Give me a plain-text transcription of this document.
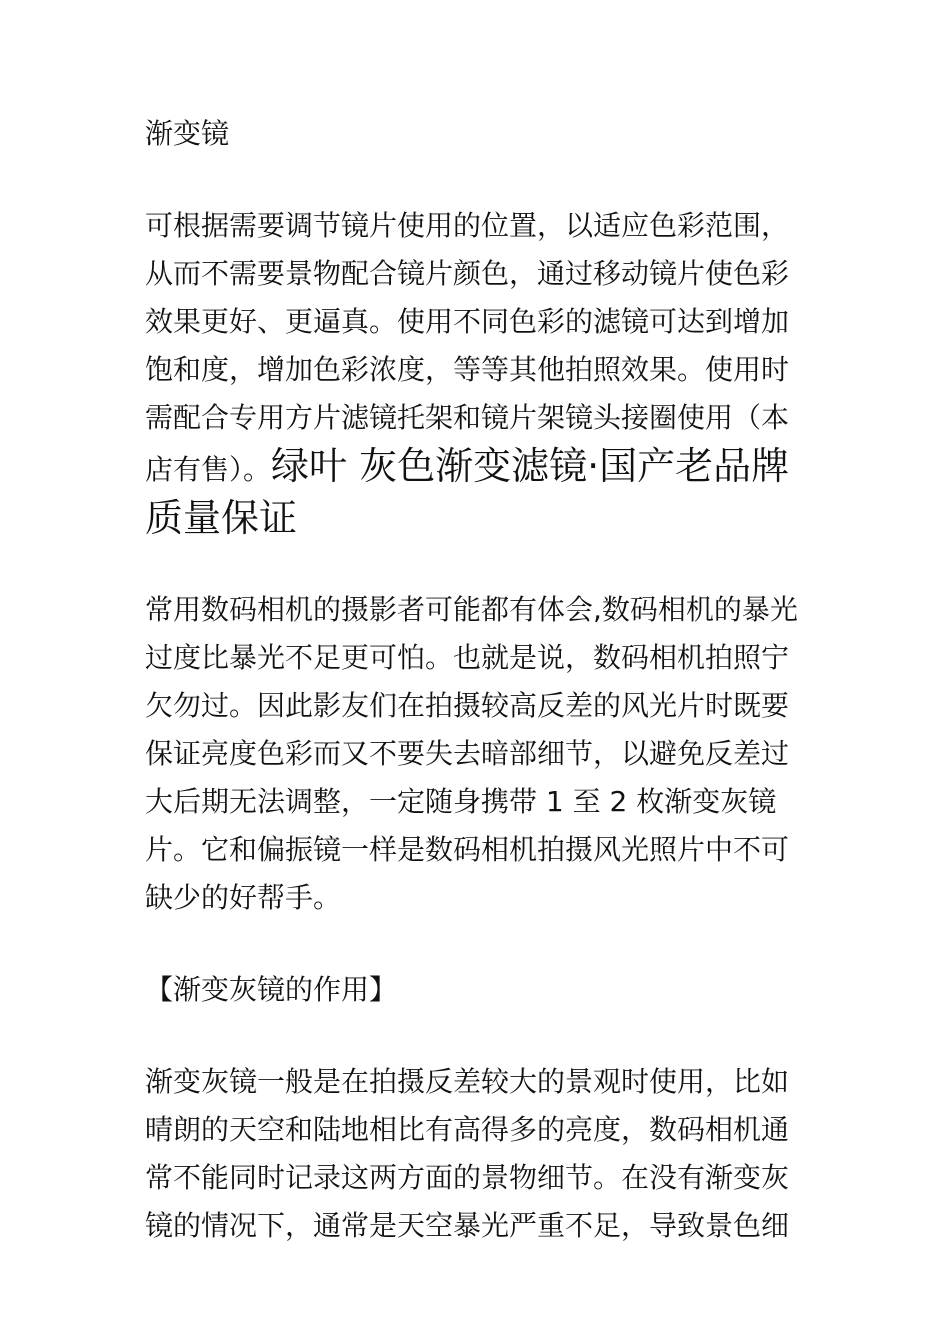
渐变镜

可根据需要调节镜片使用的位置，以适应色彩范围，从而不需要景物配合镜片颜色，通过移动镜片使色彩效果更好、更逼真。使用不同色彩的滤镜可达到增加饱和度，增加色彩浓度，等等其他拍照效果。使用时需配合专用方片滤镜托架和镜片架镜头接圈使用（本店有售）。绿叶 灰色渐变滤镜·国产老品牌

质量保证

常用数码相机的摄影者可能都有体会,数码相机的暴光过度比暴光不足更可怕。也就是说，数码相机拍照宁欠勿过。因此影友们在拍摄较高反差的风光片时既要保证亮度色彩而又不要失去暗部细节，以避免反差过大后期无法调整，一定随身携带 1 至 2 枚渐变灰镜片。它和偏振镜一样是数码相机拍摄风光照片中不可缺少的好帮手。

【渐变灰镜的作用】

渐变灰镜一般是在拍摄反差较大的景观时使用，比如晴朗的天空和陆地相比有高得多的亮度，数码相机通常不能同时记录这两方面的景物细节。在没有渐变灰镜的情况下，通常是天空暴光严重不足，导致景色细
